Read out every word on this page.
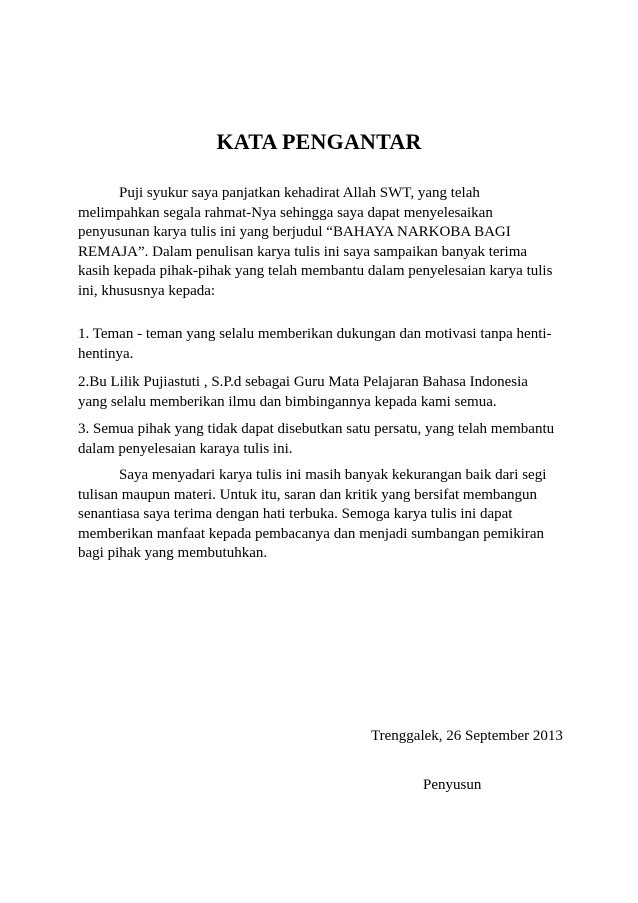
KATA PENGANTAR
Puji syukur saya panjatkan kehadirat Allah SWT, yang telah
melimpahkan segala rahmat-Nya sehingga saya dapat menyelesaikan
penyusunan karya tulis ini yang berjudul “BAHAYA NARKOBA BAGI
REMAJA”. Dalam penulisan karya tulis ini saya sampaikan banyak terima
kasih kepada pihak-pihak yang telah membantu dalam penyelesaian karya tulis
ini, khususnya kepada:
1. Teman - teman yang selalu memberikan dukungan dan motivasi tanpa henti-
hentinya.
2.Bu Lilik Pujiastuti , S.P.d sebagai Guru Mata Pelajaran Bahasa Indonesia
yang selalu memberikan ilmu dan bimbingannya kepada kami semua.
3. Semua pihak yang tidak dapat disebutkan satu persatu, yang telah membantu
dalam penyelesaian karaya tulis ini.
Saya menyadari karya tulis ini masih banyak kekurangan baik dari segi
tulisan maupun materi. Untuk itu, saran dan kritik yang bersifat membangun
senantiasa saya terima dengan hati terbuka. Semoga karya tulis ini dapat
memberikan manfaat kepada pembacanya dan menjadi sumbangan pemikiran
bagi pihak yang membutuhkan.
Trenggalek, 26 September 2013
Penyusun
